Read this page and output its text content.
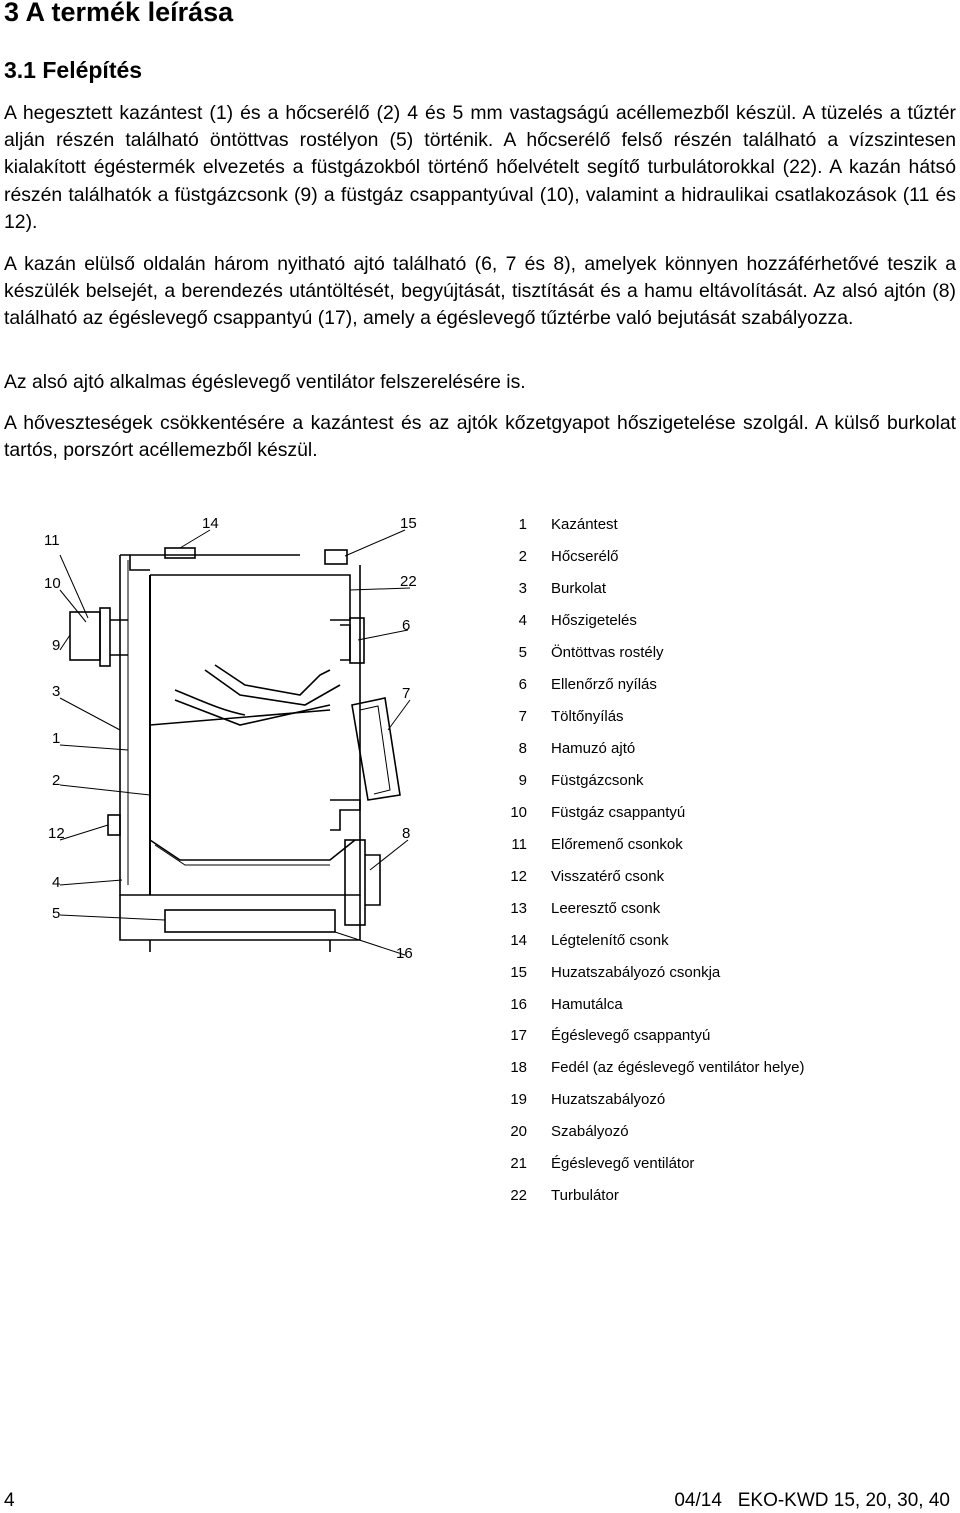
3 A termék leírása
3.1 Felépítés

A hegesztett kazántest (1) és a hőcserélő (2) 4 és 5 mm vastagságú acéllemezből készül. A tüzelés a tűztér alján részén található öntöttvas rostélyon (5) történik. A hőcserélő felső részén található a vízszintesen kialakított égéstermék elvezetés a füstgázokból történő hőelvételt segítő turbulátorokkal (22). A kazán hátsó részén találhatók a füstgázcsonk (9) a füstgáz csappantyúval (10), valamint a hidraulikai csatlakozások (11 és 12).

A kazán elülső oldalán három nyitható ajtó található (6, 7 és 8), amelyek könnyen hozzáférhetővé teszik a készülék belsejét, a berendezés utántöltését, begyújtását, tisztítását és a hamu eltávolítását. Az alsó ajtón (8) található az égéslevegő csappantyú (17), amely a égéslevegő tűztérbe való bejutását szabályozza.

Az alsó ajtó alkalmas égéslevegő ventilátor felszerelésére is.

A hőveszteségek csökkentésére a kazántest és az ajtók kőzetgyapot hőszigetelése szolgál. A külső burkolat tartós, porszórt acéllemezből készül.

11
10
9
3
1
2
12
4
5
14	15
22
6
7
8
16
1 Kazántest
2 Hőcserélő
3 Burkolat
4 Hőszigetelés
5 Öntöttvas rostély
6 Ellenőrző nyílás
7 Töltőnyílás
8 Hamuzó ajtó
9 Füstgázcsonk
10 Füstgáz csappantyú
11 Előremenő csonkok
12 Visszatérő csonk
13 Leeresztő csonk
14 Légtelenítő csonk
15 Huzatszabályozó csonkja
16 Hamutálca
17 Égéslevegő csappantyú
18 Fedél (az égéslevegő ventilátor helye)
19 Huzatszabályozó
20 Szabályozó
21 Égéslevegő ventilátor
22 Turbulátor
4	04/14   EKO-KWD 15, 20, 30, 40
